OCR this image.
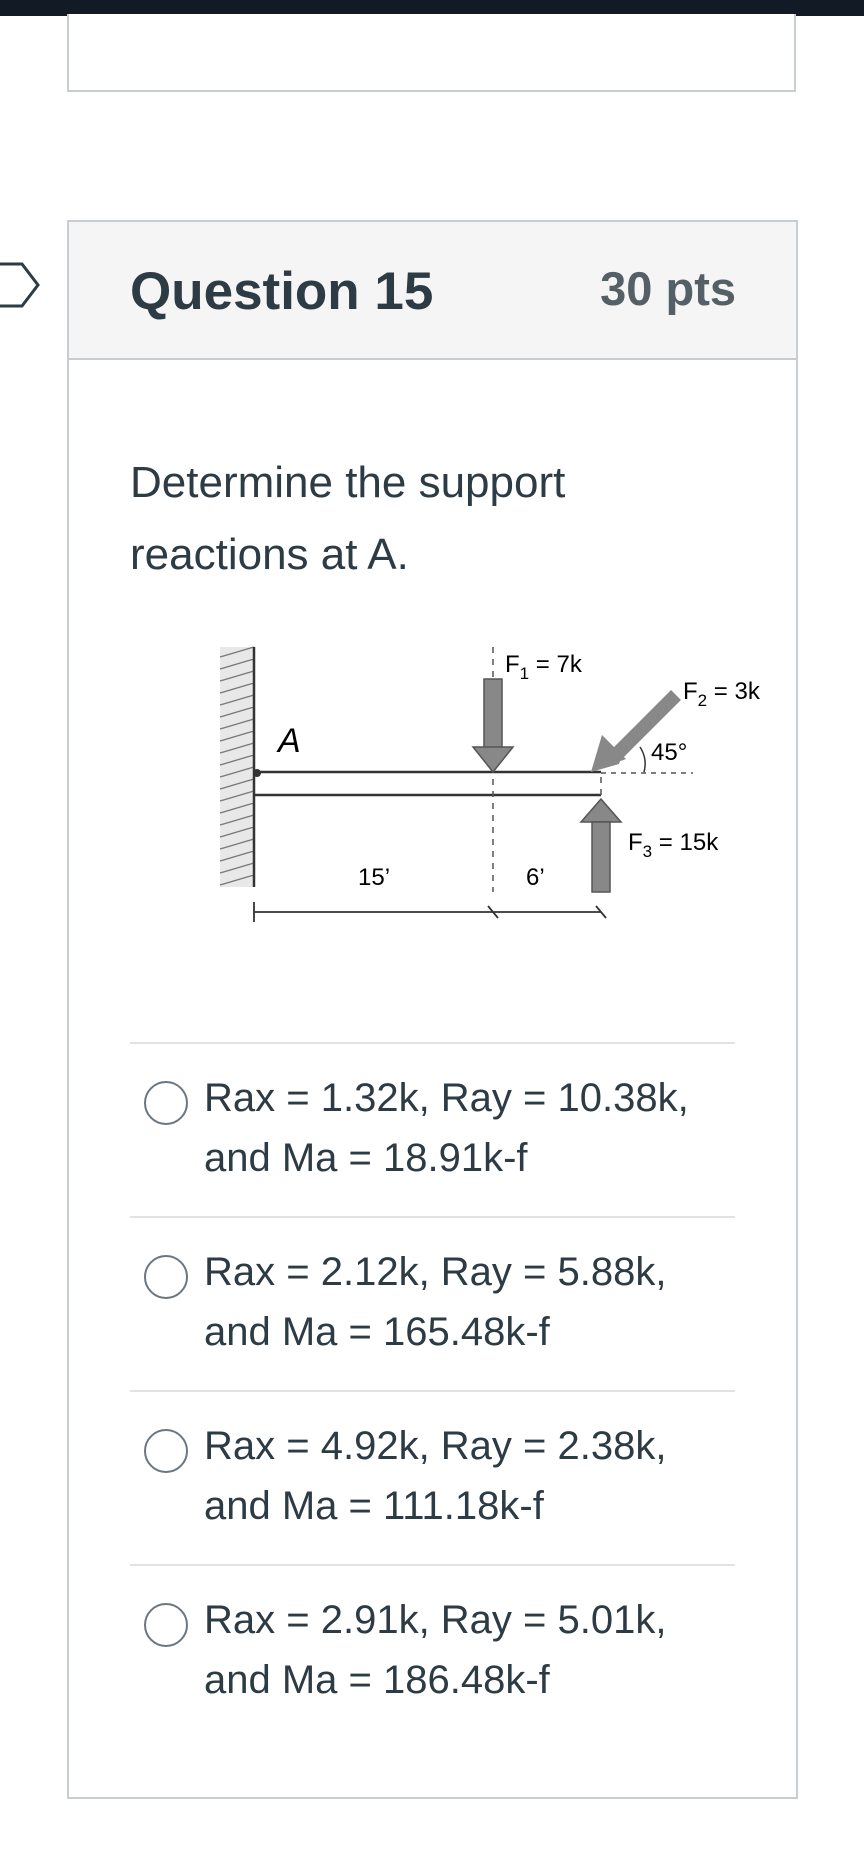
Question 15	30 pts
Determine the support reactions at A.
A
$F_1 = 7k$
$F_2 = 3k$
45°
$F_3 = 15k$
15’	6’
Rax = 1.32k, Ray = 10.38k, and Ma = 18.91k-f
Rax = 2.12k, Ray = 5.88k, and Ma = 165.48k-f
Rax = 4.92k, Ray = 2.38k, and Ma = 111.18k-f
Rax = 2.91k, Ray = 5.01k, and Ma = 186.48k-f
